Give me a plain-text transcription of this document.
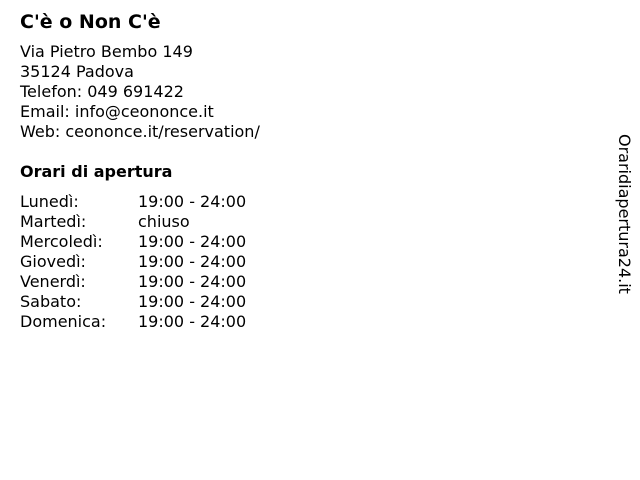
C'è o Non C'è
Via Pietro Bembo 149
35124 Padova
Telefon: 049 691422
Email: info@ceononce.it
Web: ceononce.it/reservation/
Orari di apertura
Lunedì:	19:00 - 24:00
Martedì:	chiuso
Mercoledì:	19:00 - 24:00
Giovedì:	19:00 - 24:00
Venerdì:	19:00 - 24:00
Sabato:	19:00 - 24:00
Domenica:	19:00 - 24:00
Oraridiapertura24.it
